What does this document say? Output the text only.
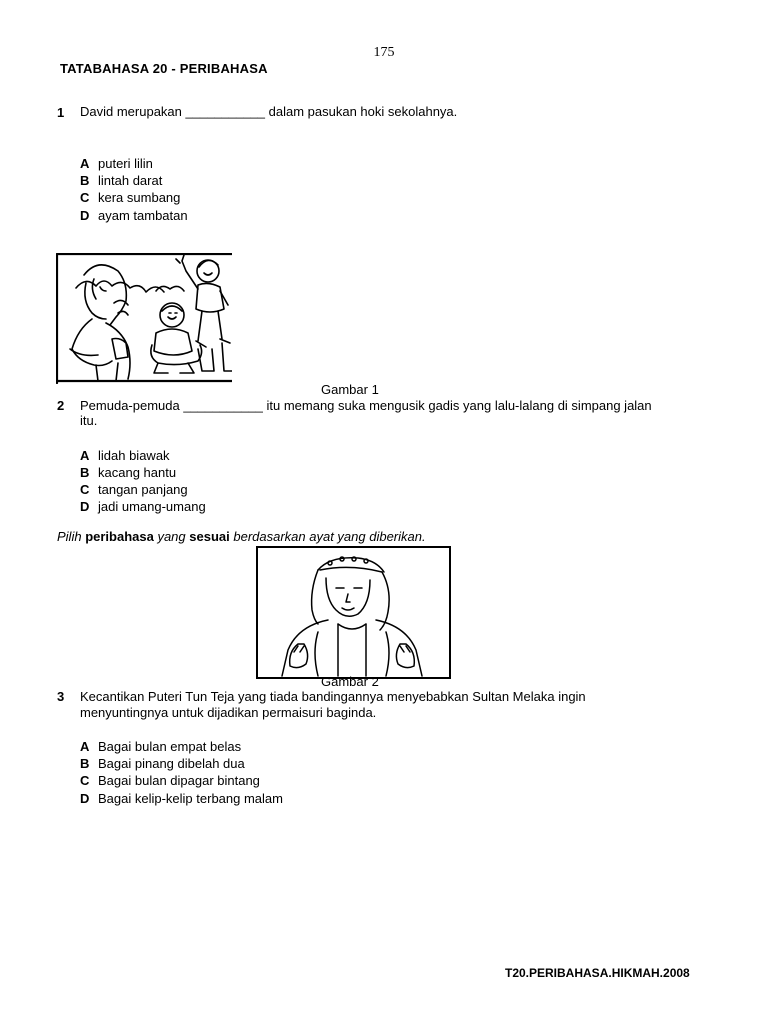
175
TATABAHASA 20 - PERIBAHASA
1 David merupakan ___________ dalam pasukan hoki sekolahnya.
A puteri lilin
B lintah darat
C kera sumbang
D ayam tambatan
Gambar 1
2 Pemuda-pemuda ___________ itu memang suka mengusik gadis yang lalu-lalang di simpang jalan
itu.
A lidah biawak
B kacang hantu
C tangan panjang
D jadi umang-umang
Pilih peribahasa yang sesuai berdasarkan ayat yang diberikan.
Gambar 2
3 Kecantikan Puteri Tun Teja yang tiada bandingannya menyebabkan Sultan Melaka ingin
menyuntingnya untuk dijadikan permaisuri baginda.
A Bagai bulan empat belas
B Bagai pinang dibelah dua
C Bagai bulan dipagar bintang
D Bagai kelip-kelip terbang malam
T20.PERIBAHASA.HIKMAH.2008
